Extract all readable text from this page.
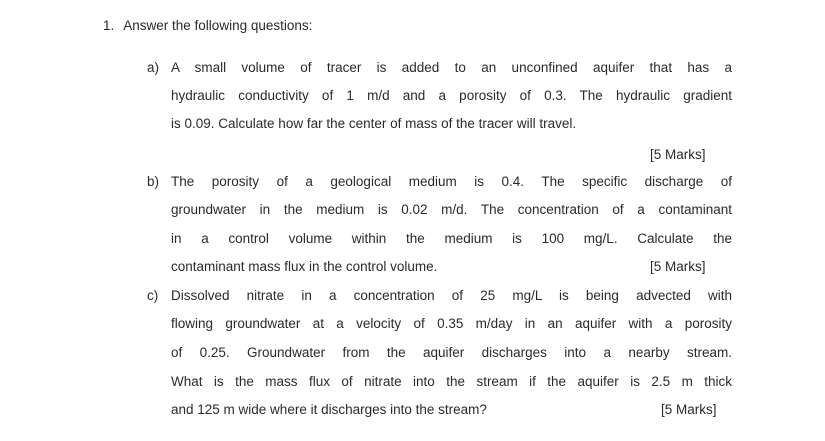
1. Answer the following questions:
a) A small volume of tracer is added to an unconfined aquifer that has a
hydraulic conductivity of 1 m/d and a porosity of 0.3. The hydraulic gradient
is 0.09. Calculate how far the center of mass of the tracer will travel.
[5 Marks]
b) The porosity of a geological medium is 0.4. The specific discharge of
groundwater in the medium is 0.02 m/d. The concentration of a contaminant
in a control volume within the medium is 100 mg/L. Calculate the
contaminant mass flux in the control volume.	[5 Marks]
c) Dissolved nitrate in a concentration of 25 mg/L is being advected with
flowing groundwater at a velocity of 0.35 m/day in an aquifer with a porosity
of 0.25. Groundwater from the aquifer discharges into a nearby stream.
What is the mass flux of nitrate into the stream if the aquifer is 2.5 m thick
and 125 m wide where it discharges into the stream?	[5 Marks]
